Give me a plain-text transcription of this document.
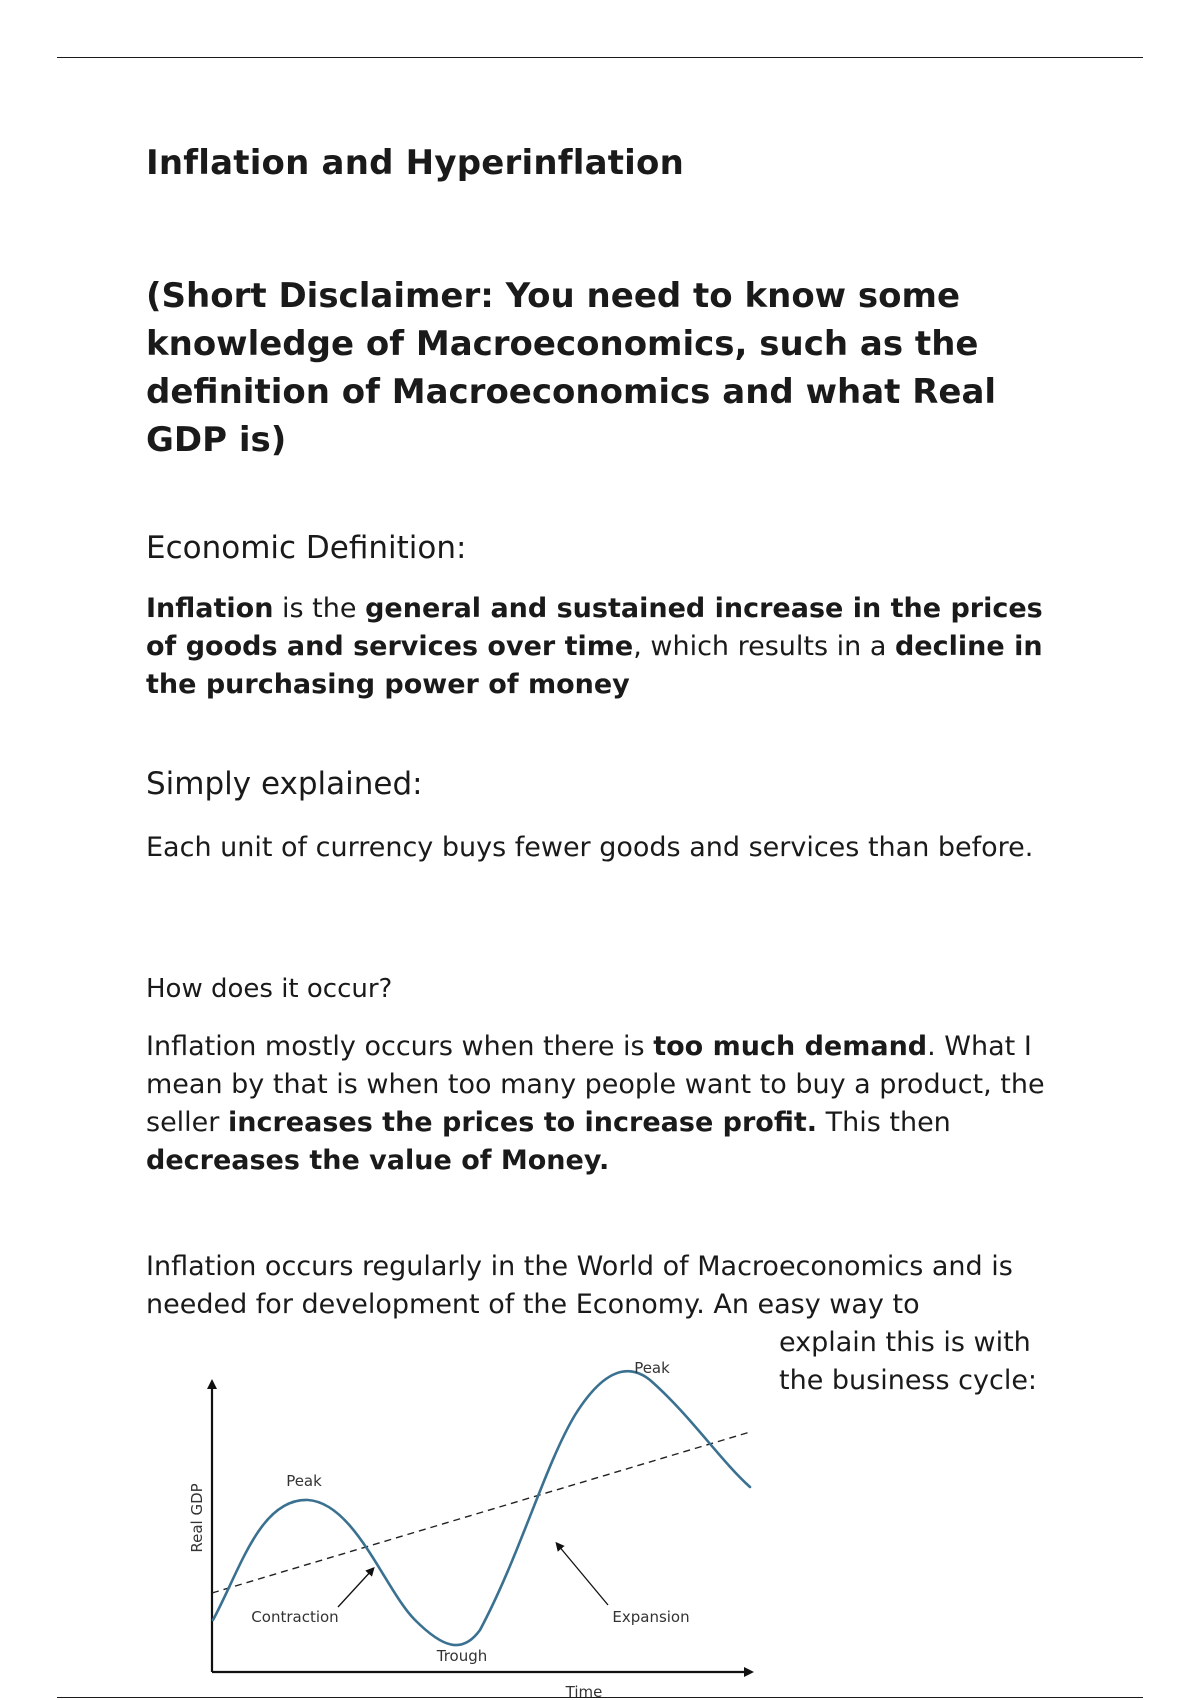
Inflation and Hyperinflation

(Short Disclaimer: You need to know some knowledge of Macroeconomics, such as the definition of Macroeconomics and what Real GDP is)

Economic Definition:

Inflation is the general and sustained increase in the prices of goods and services over time, which results in a decline in the purchasing power of money

Simply explained:

Each unit of currency buys fewer goods and services than before.

How does it occur?

Inflation mostly occurs when there is too much demand. What I mean by that is when too many people want to buy a product, the seller increases the prices to increase profit. This then decreases the value of Money.

Inflation occurs regularly in the World of Macroeconomics and is needed for development of the Economy. An easy way to

explain this is with the business cycle:

Real GDP
Time
Peak
Peak
Trough
Contraction	Expansion
